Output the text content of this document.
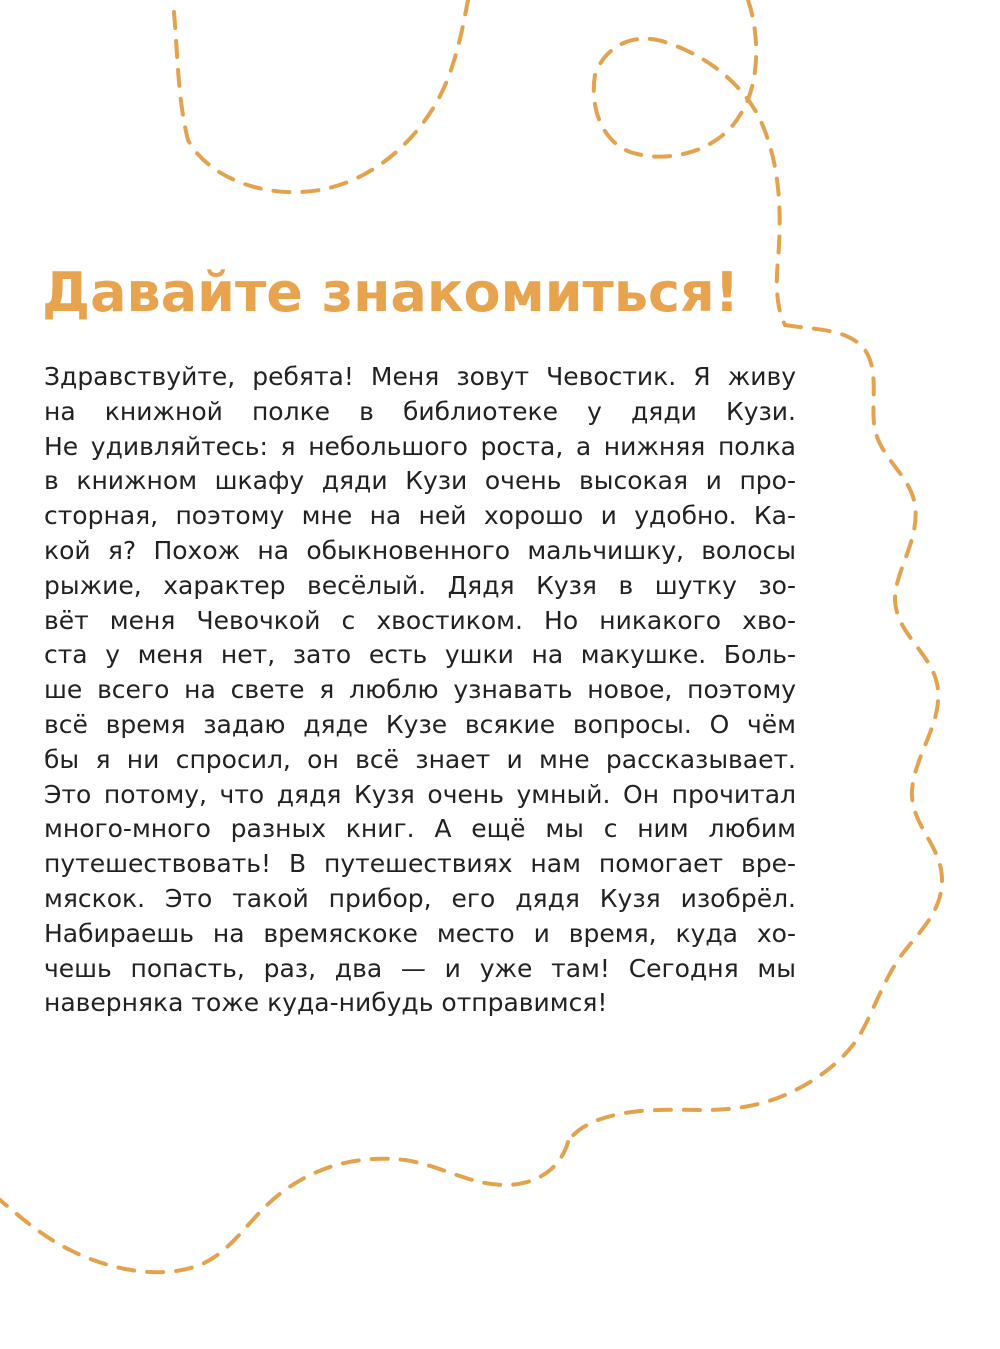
Давайте знакомиться!
Здравствуйте, ребята! Меня зовут Чевостик. Я живу
на книжной полке в библиотеке у дяди Кузи.
Не удивляйтесь: я небольшого роста, а нижняя полка
в книжном шкафу дяди Кузи очень высокая и про-
сторная, поэтому мне на ней хорошо и удобно. Ка-
кой я? Похож на обыкновенного мальчишку, волосы
рыжие, характер весёлый. Дядя Кузя в шутку зо-
вёт меня Чевочкой с хвостиком. Но никакого хво-
ста у меня нет, зато есть ушки на макушке. Боль-
ше всего на свете я люблю узнавать новое, поэтому
всё время задаю дяде Кузе всякие вопросы. О чём
бы я ни спросил, он всё знает и мне рассказывает.
Это потому, что дядя Кузя очень умный. Он прочитал
много-много разных книг. А ещё мы с ним любим
путешествовать! В путешествиях нам помогает вре-
мяскок. Это такой прибор, его дядя Кузя изобрёл.
Набираешь на времяскоке место и время, куда хо-
чешь попасть, раз, два — и уже там! Сегодня мы
наверняка тоже куда-нибудь отправимся!
